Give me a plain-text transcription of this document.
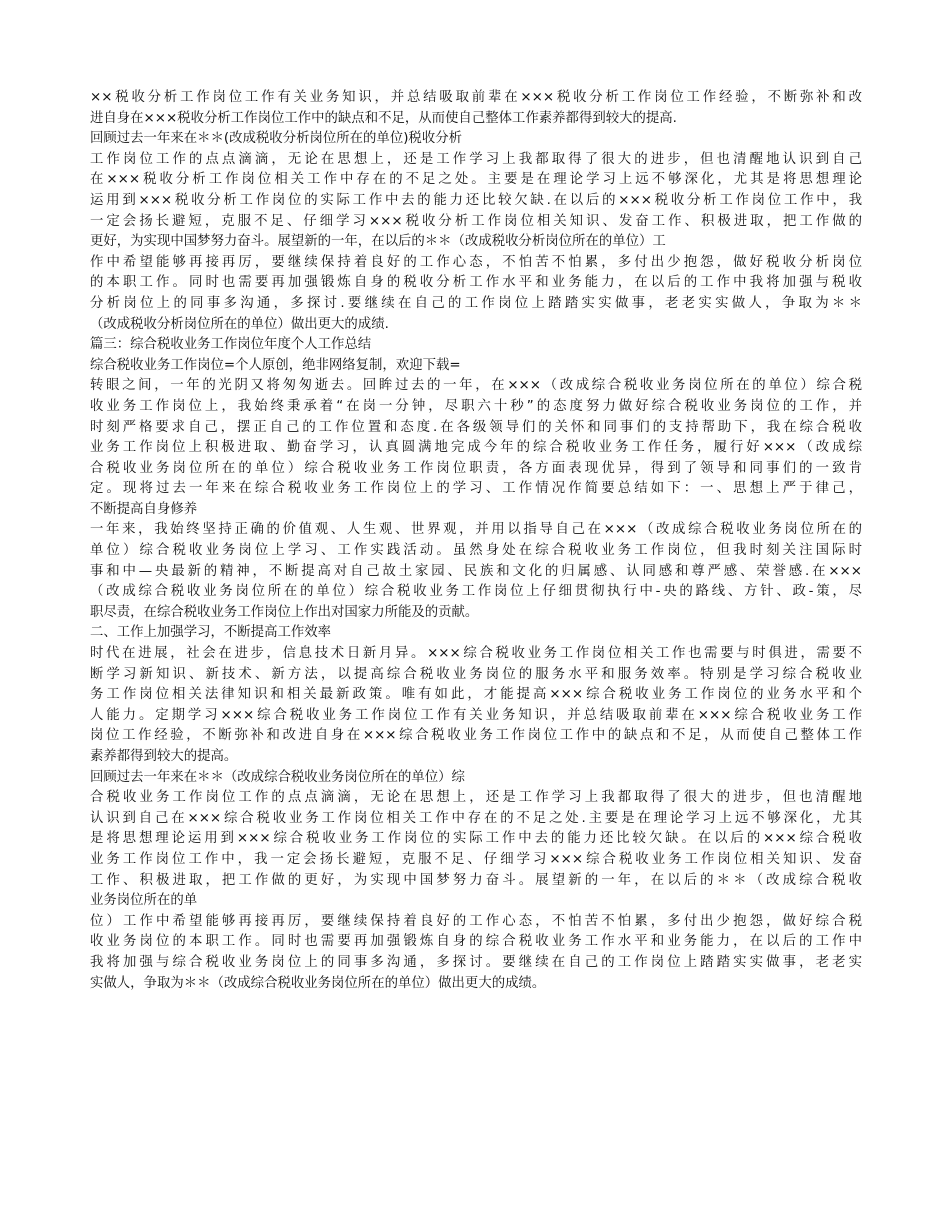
××税收分析工作岗位工作有关业务知识，并总结吸取前辈在×××税收分析工作岗位工作经验，不断弥补和改
进自身在×××税收分析工作岗位工作中的缺点和不足，从而使自己整体工作素养都得到较大的提高.
回顾过去一年来在＊＊(改成税收分析岗位所在的单位)税收分析
工作岗位工作的点点滴滴，无论在思想上，还是工作学习上我都取得了很大的进步，但也清醒地认识到自己
在×××税收分析工作岗位相关工作中存在的不足之处。主要是在理论学习上远不够深化，尤其是将思想理论
运用到×××税收分析工作岗位的实际工作中去的能力还比较欠缺.在以后的×××税收分析工作岗位工作中，我
一定会扬长避短，克服不足、仔细学习×××税收分析工作岗位相关知识、发奋工作、积极进取，把工作做的
更好，为实现中国梦努力奋斗。展望新的一年，在以后的＊＊（改成税收分析岗位所在的单位）工
作中希望能够再接再厉，要继续保持着良好的工作心态，不怕苦不怕累，多付出少抱怨，做好税收分析岗位
的本职工作。同时也需要再加强锻炼自身的税收分析工作水平和业务能力，在以后的工作中我将加强与税收
分析岗位上的同事多沟通，多探讨.要继续在自己的工作岗位上踏踏实实做事，老老实实做人，争取为＊＊
（改成税收分析岗位所在的单位）做出更大的成绩.
篇三：综合税收业务工作岗位年度个人工作总结
综合税收业务工作岗位=个人原创，绝非网络复制，欢迎下载=
转眼之间，一年的光阴又将匆匆逝去。回眸过去的一年，在×××（改成综合税收业务岗位所在的单位）综合税
收业务工作岗位上，我始终秉承着“在岗一分钟，尽职六十秒”的态度努力做好综合税收业务岗位的工作，并
时刻严格要求自己，摆正自己的工作位置和态度.在各级领导们的关怀和同事们的支持帮助下，我在综合税收
业务工作岗位上积极进取、勤奋学习，认真圆满地完成今年的综合税收业务工作任务，履行好×××（改成综
合税收业务岗位所在的单位）综合税收业务工作岗位职责，各方面表现优异，得到了领导和同事们的一致肯
定。现将过去一年来在综合税收业务工作岗位上的学习、工作情况作简要总结如下：一、思想上严于律己，
不断提高自身修养
一年来，我始终坚持正确的价值观、人生观、世界观，并用以指导自己在×××（改成综合税收业务岗位所在的
单位）综合税收业务岗位上学习、工作实践活动。虽然身处在综合税收业务工作岗位，但我时刻关注国际时
事和中—央最新的精神，不断提高对自己故土家园、民族和文化的归属感、认同感和尊严感、荣誉感.在×××
（改成综合税收业务岗位所在的单位）综合税收业务工作岗位上仔细贯彻执行中-央的路线、方针、政-策，尽
职尽责，在综合税收业务工作岗位上作出对国家力所能及的贡献。
二、工作上加强学习，不断提高工作效率
时代在进展，社会在进步，信息技术日新月异。×××综合税收业务工作岗位相关工作也需要与时俱进，需要不
断学习新知识、新技术、新方法，以提高综合税收业务岗位的服务水平和服务效率。特别是学习综合税收业
务工作岗位相关法律知识和相关最新政策。唯有如此，才能提高×××综合税收业务工作岗位的业务水平和个
人能力。定期学习×××综合税收业务工作岗位工作有关业务知识，并总结吸取前辈在×××综合税收业务工作
岗位工作经验，不断弥补和改进自身在×××综合税收业务工作岗位工作中的缺点和不足，从而使自己整体工作
素养都得到较大的提高。
回顾过去一年来在＊＊（改成综合税收业务岗位所在的单位）综
合税收业务工作岗位工作的点点滴滴，无论在思想上，还是工作学习上我都取得了很大的进步，但也清醒地
认识到自己在×××综合税收业务工作岗位相关工作中存在的不足之处.主要是在理论学习上远不够深化，尤其
是将思想理论运用到×××综合税收业务工作岗位的实际工作中去的能力还比较欠缺。在以后的×××综合税收
业务工作岗位工作中，我一定会扬长避短，克服不足、仔细学习×××综合税收业务工作岗位相关知识、发奋
工作、积极进取，把工作做的更好，为实现中国梦努力奋斗。展望新的一年，在以后的＊＊（改成综合税收
业务岗位所在的单
位）工作中希望能够再接再厉，要继续保持着良好的工作心态，不怕苦不怕累，多付出少抱怨，做好综合税
收业务岗位的本职工作。同时也需要再加强锻炼自身的综合税收业务工作水平和业务能力，在以后的工作中
我将加强与综合税收业务岗位上的同事多沟通，多探讨。要继续在自己的工作岗位上踏踏实实做事，老老实
实做人，争取为＊＊（改成综合税收业务岗位所在的单位）做出更大的成绩。
